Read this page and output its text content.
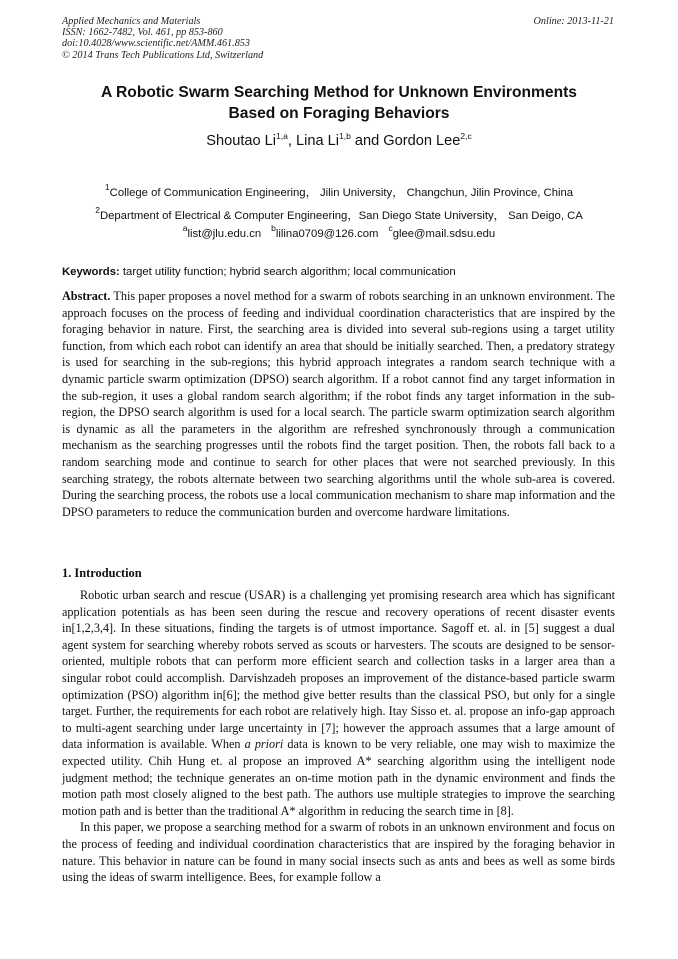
Applied Mechanics and Materials
ISSN: 1662-7482, Vol. 461, pp 853-860
doi:10.4028/www.scientific.net/AMM.461.853
© 2014 Trans Tech Publications Ltd, Switzerland
Online: 2013-11-21
A Robotic Swarm Searching Method for Unknown Environments
Based on Foraging Behaviors
Shoutao Li$^{1,a}$, Lina Li$^{1,b}$ and Gordon Lee$^{2,c}$
$^1$College of Communication Engineering， Jilin University， Changchun, Jilin Province, China
$^2$Department of Electrical & Computer Engineering，San Diego State University， San Deigo, CA
$^a$list@jlu.edu.cn $^b$lilina0709@126.com $^c$glee@mail.sdsu.edu
Keywords: target utility function; hybrid search algorithm; local communication

Abstract. This paper proposes a novel method for a swarm of robots searching in an unknown environment. The approach focuses on the process of feeding and individual coordination characteristics that are inspired by the foraging behavior in nature. First, the searching area is divided into several sub-regions using a target utility function, from which each robot can identify an area that should be initially searched. Then, a predatory strategy is used for searching in the sub-regions; this hybrid approach integrates a random search technique with a dynamic particle swarm optimization (DPSO) search algorithm. If a robot cannot find any target information in the sub-region, it uses a global random search algorithm; if the robot finds any target information in the sub-region, the DPSO search algorithm is used for a local search. The particle swarm optimization search algorithm is dynamic as all the parameters in the algorithm are refreshed synchronously through a communication mechanism as the searching progresses until the robots find the target position. Then, the robots fall back to a random searching mode and continue to search for other places that were not searched previously. In this searching strategy, the robots alternate between two searching algorithms until the whole sub-area is covered. During the searching process, the robots use a local communication mechanism to share map information and the DPSO parameters to reduce the communication burden and overcome hardware limitations.

1. Introduction

Robotic urban search and rescue (USAR) is a challenging yet promising research area which has significant application potentials as has been seen during the rescue and recovery operations of recent disaster events in[1,2,3,4]. In these situations, finding the targets is of utmost importance. Sagoff et. al. in [5] suggest a dual agent system for searching whereby robots served as scouts or harvesters. The scouts are designed to be sensor-oriented, multiple robots that can perform more efficient search and collection tasks in a larger area than a singular robot could accomplish. Darvishzadeh proposes an improvement of the distance-based particle swarm optimization (PSO) algorithm in[6]; the method give better results than the classical PSO, but only for a single target. Further, the requirements for each robot are relatively high. Itay Sisso et. al. propose an info-gap approach to multi-agent searching under large uncertainty in [7]; however the approach assumes that a large amount of data information is available. When a priori data is known to be very reliable, one may wish to maximize the expected utility. Chih Hung et. al propose an improved A* searching algorithm using the intelligent node judgment method; the technique generates an on-time motion path in the dynamic environment and finds the motion path most closely aligned to the best path. The authors use multiple strategies to improve the searching motion path and is better than the traditional A* algorithm in reducing the search time in [8].

In this paper, we propose a searching method for a swarm of robots in an unknown environment and focus on the process of feeding and individual coordination characteristics that are inspired by the foraging behavior in nature. This behavior in nature can be found in many social insects such as ants and bees as well as some birds using the ideas of swarm intelligence. Bees, for example follow a
